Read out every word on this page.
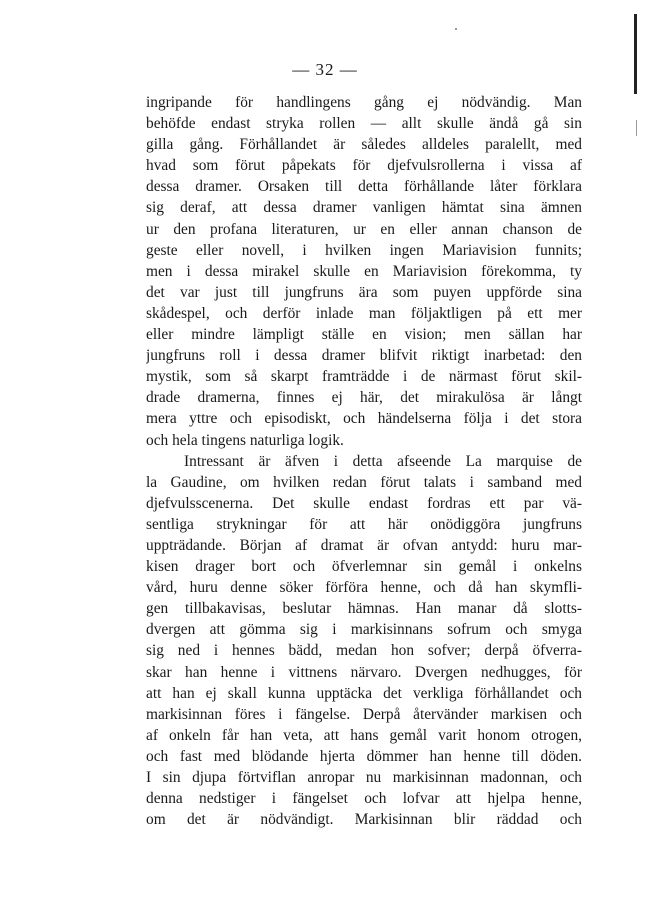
— 32 —
ingripande för handlingens gång ej nödvändig. Man
behöfde endast stryka rollen — allt skulle ändå gå sin
gilla gång. Förhållandet är således alldeles paralellt, med
hvad som förut påpekats för djefvulsrollerna i vissa af
dessa dramer. Orsaken till detta förhållande låter förklara
sig deraf, att dessa dramer vanligen hämtat sina ämnen
ur den profana literaturen, ur en eller annan chanson de
geste eller novell, i hvilken ingen Mariavision funnits;
men i dessa mirakel skulle en Mariavision förekomma, ty
det var just till jungfruns ära som puyen uppförde sina
skådespel, och derför inlade man följaktligen på ett mer
eller mindre lämpligt ställe en vision; men sällan har
jungfruns roll i dessa dramer blifvit riktigt inarbetad: den
mystik, som så skarpt framträdde i de närmast förut skil-
drade dramerna, finnes ej här, det mirakulösa är långt
mera yttre och episodiskt, och händelserna följa i det stora
och hela tingens naturliga logik.
Intressant är äfven i detta afseende La marquise de
la Gaudine, om hvilken redan förut talats i samband med
djefvulsscenerna. Det skulle endast fordras ett par vä-
sentliga strykningar för att här onödiggöra jungfruns
uppträdande. Början af dramat är ofvan antydd: huru mar-
kisen drager bort och öfverlemnar sin gemål i onkelns
vård, huru denne söker förföra henne, och då han skymfli-
gen tillbakavisas, beslutar hämnas. Han manar då slotts-
dvergen att gömma sig i markisinnans sofrum och smyga
sig ned i hennes bädd, medan hon sofver; derpå öfverra-
skar han henne i vittnens närvaro. Dvergen nedhugges, för
att han ej skall kunna upptäcka det verkliga förhållandet och
markisinnan föres i fängelse. Derpå återvänder markisen och
af onkeln får han veta, att hans gemål varit honom otrogen,
och fast med blödande hjerta dömmer han henne till döden.
I sin djupa förtviflan anropar nu markisinnan madonnan, och
denna nedstiger i fängelset och lofvar att hjelpa henne,
om det är nödvändigt. Markisinnan blir räddad och
